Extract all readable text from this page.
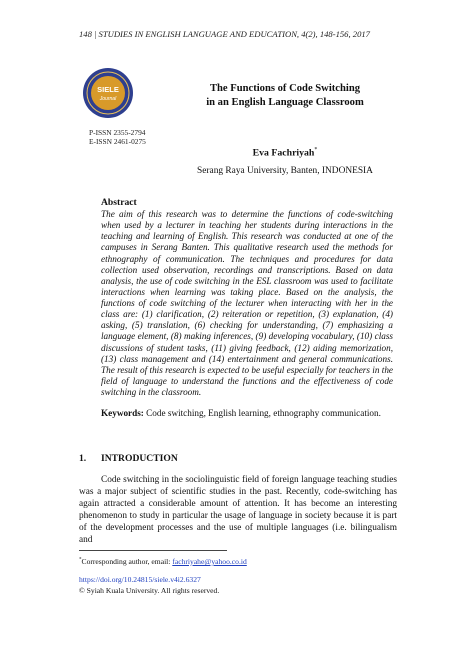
148 | STUDIES IN ENGLISH LANGUAGE AND EDUCATION, 4(2), 148-156, 2017
SIELE
Journal
P-ISSN 2355-2794
E-ISSN 2461-0275
The Functions of Code Switching
in an English Language Classroom
Eva Fachriyah*
Serang Raya University, Banten, INDONESIA
Abstract
The aim of this research was to determine the functions of code-switching when used by a lecturer in teaching her students during interactions in the teaching and learning of English. This research was conducted at one of the campuses in Serang Banten. This qualitative research used the methods for ethnography of communication. The techniques and procedures for data collection used observation, recordings and transcriptions. Based on data analysis, the use of code switching in the ESL classroom was used to facilitate interactions when learning was taking place. Based on the analysis, the functions of code switching of the lecturer when interacting with her in the class are: (1) clarification, (2) reiteration or repetition, (3) explanation, (4) asking, (5) translation, (6) checking for understanding, (7) emphasizing a language element, (8) making inferences, (9) developing vocabulary, (10) class discussions of student tasks, (11) giving feedback, (12) aiding memorization, (13) class management and (14) entertainment and general communications. The result of this research is expected to be useful especially for teachers in the field of language to understand the functions and the effectiveness of code switching in the classroom.
Keywords: Code switching, English learning, ethnography communication.
1. INTRODUCTION
Code switching in the sociolinguistic field of foreign language teaching studies was a major subject of scientific studies in the past. Recently, code-switching has again attracted a considerable amount of attention. It has become an interesting phenomenon to study in particular the usage of language in society because it is part of the development processes and the use of multiple languages (i.e. bilingualism and
*Corresponding author, email: fachriyahe@yahoo.co.id
https://doi.org/10.24815/siele.v4i2.6327
© Syiah Kuala University. All rights reserved.
